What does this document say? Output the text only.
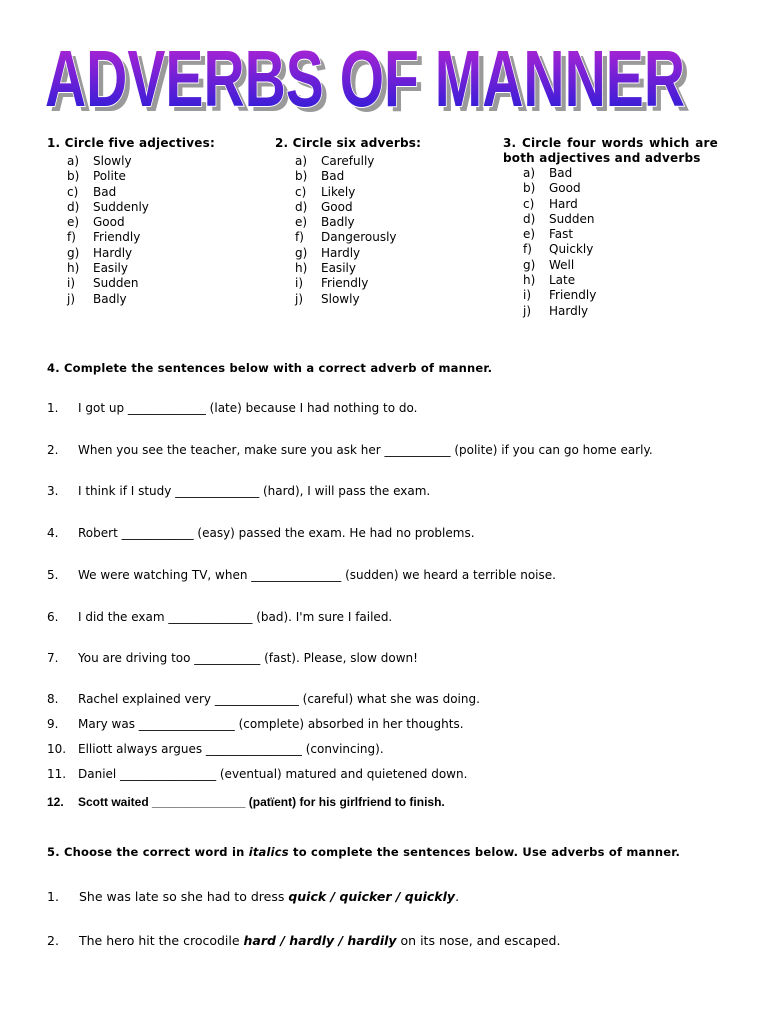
ADVERBS OF MANNER
ADVERBS OF MANNER
1. Circle five adjectives:
a) Slowly
b) Polite
c) Bad
d) Suddenly
e) Good
f) Friendly
g) Hardly
h) Easily
i) Sudden
j) Badly
2. Circle six adverbs:
a) Carefully
b) Bad
c) Likely
d) Good
e) Badly
f) Dangerously
g) Hardly
h) Easily
i) Friendly
j) Slowly
3. Circle four words which are
both adjectives and adverbs
a) Bad
b) Good
c) Hard
d) Sudden
e) Fast
f) Quickly
g) Well
h) Late
i) Friendly
j) Hardly
4. Complete the sentences below with a correct adverb of manner.
1. I got up _____________ (late) because I had nothing to do.
2. When you see the teacher, make sure you ask her ___________ (polite) if you can go home early.
3. I think if I study ______________ (hard), I will pass the exam.
4. Robert ____________ (easy) passed the exam. He had no problems.
5. We were watching TV, when _______________ (sudden) we heard a terrible noise.
6. I did the exam ______________ (bad). I'm sure I failed.
7. You are driving too ___________ (fast). Please, slow down!
8. Rachel explained very ______________ (careful) what she was doing.
9. Mary was ________________ (complete) absorbed in her thoughts.
10. Elliott always argues ________________ (convincing).
11. Daniel ________________ (eventual) matured and quietened down.
12. Scott waited ______________ (patïent) for his girlfriend to finish.
5. Choose the correct word in italics to complete the sentences below. Use adverbs of manner.
1. She was late so she had to dress quick / quicker / quickly.
2. The hero hit the crocodile hard / hardly / hardily on its nose, and escaped.
